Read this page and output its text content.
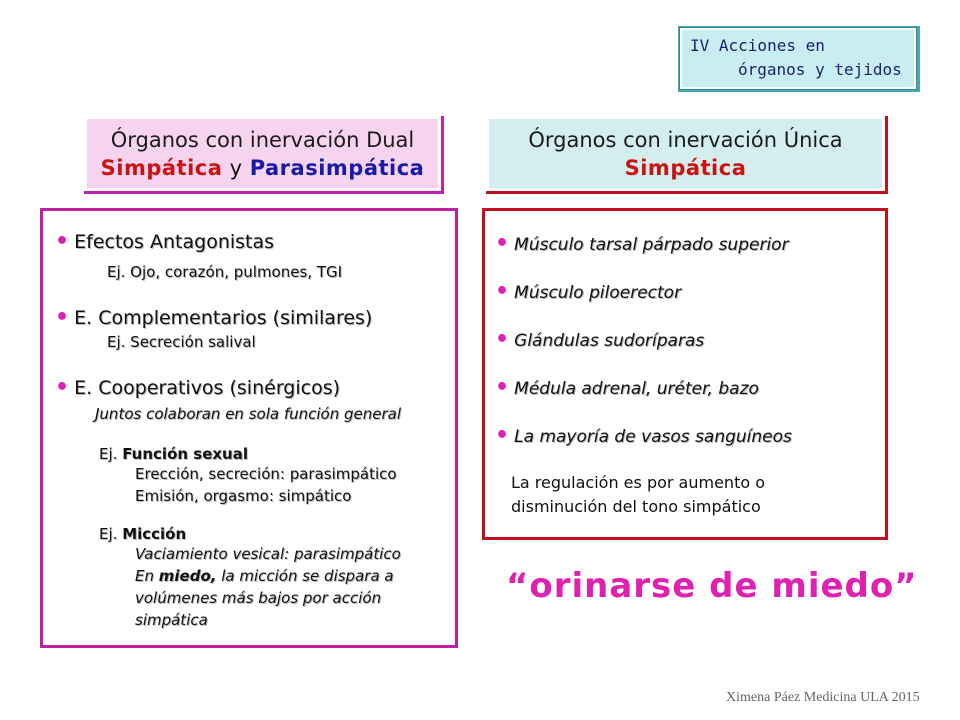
IV Acciones en
órganos y tejidos
Órganos con inervación Dual
Simpática y Parasimpática
Órganos con inervación Única
Simpática
• Efectos Antagonistas
Ej. Ojo, corazón, pulmones, TGI
• E. Complementarios (similares)
Ej. Secreción salival
• E. Cooperativos (sinérgicos)
Juntos colaboran en sola función general
Ej. Función sexual
Erección, secreción: parasimpático
Emisión, orgasmo: simpático
Ej. Micción
Vaciamiento vesical: parasimpático
En miedo, la micción se dispara a
volúmenes más bajos por acción
simpática
• Músculo tarsal párpado superior
• Músculo piloerector
• Glándulas sudoríparas
• Médula adrenal, uréter, bazo
• La mayoría de vasos sanguíneos
La regulación es por aumento o
disminución del tono simpático
“orinarse de miedo”
Ximena Páez Medicina ULA 2015
